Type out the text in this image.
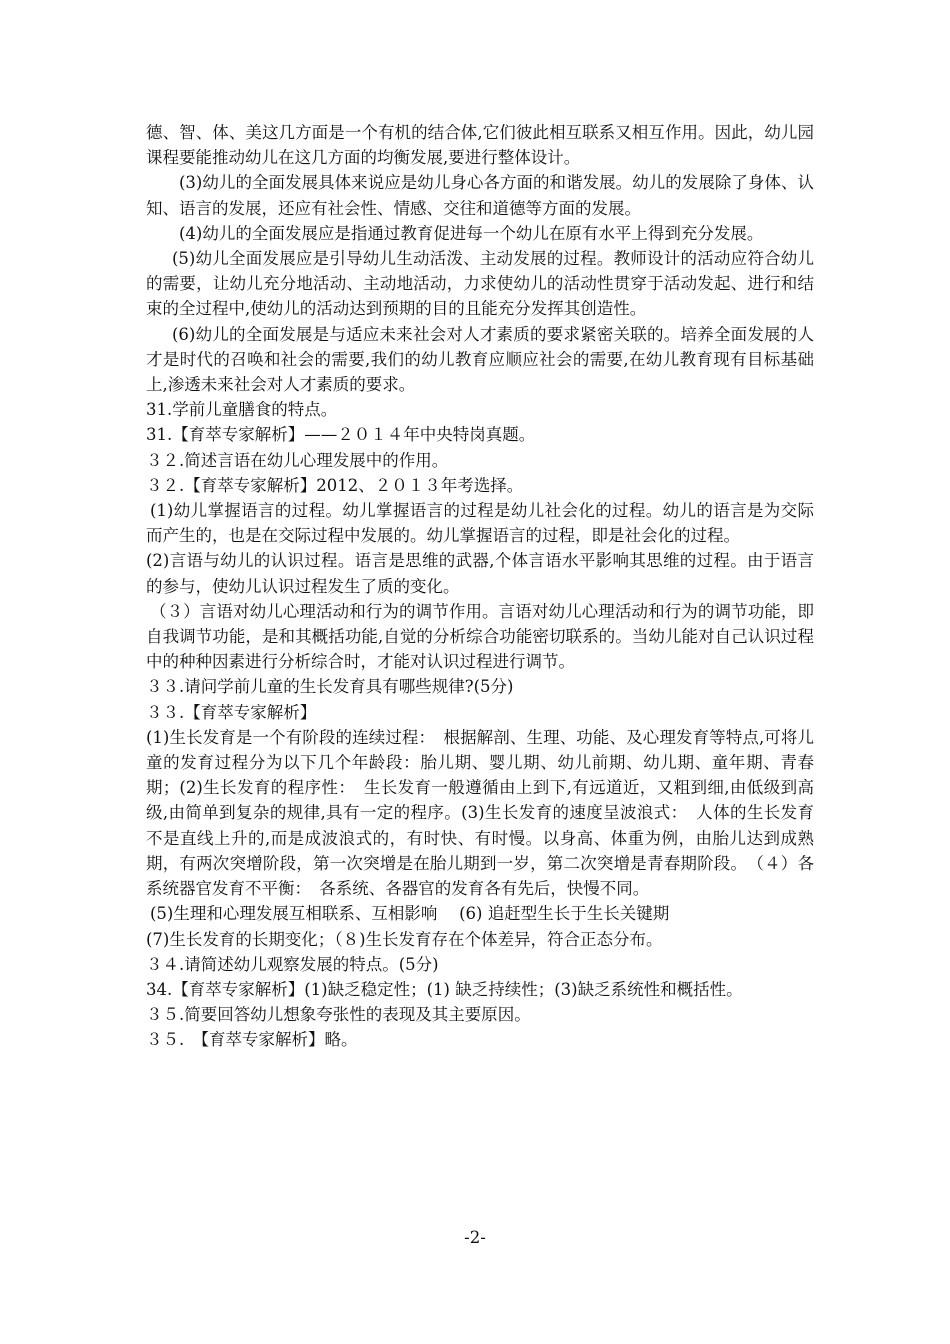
德、智、体、美这几方面是一个有机的结合体,它们彼此相互联系又相互作用。因此，幼儿园课程要能推动幼儿在这几方面的均衡发展,要进行整体设计。

(3)幼儿的全面发展具体来说应是幼儿身心各方面的和谐发展。幼儿的发展除了身体、认知、语言的发展，还应有社会性、情感、交往和道德等方面的发展。

(4)幼儿的全面发展应是指通过教育促进每一个幼儿在原有水平上得到充分发展。

(5)幼儿全面发展应是引导幼儿生动活泼、主动发展的过程。教师设计的活动应符合幼儿的需要，让幼儿充分地活动、主动地活动，力求使幼儿的活动性贯穿于活动发起、进行和结束的全过程中,使幼儿的活动达到预期的目的且能充分发挥其创造性。

(6)幼儿的全面发展是与适应未来社会对人才素质的要求紧密关联的。培养全面发展的人才是时代的召唤和社会的需要,我们的幼儿教育应顺应社会的需要,在幼儿教育现有目标基础上,渗透未来社会对人才素质的要求。

31.学前儿童膳食的特点。

31.【育萃专家解析】——２０１４年中央特岗真题。

３２.简述言语在幼儿心理发展中的作用。

３２.【育萃专家解析】2012、２０１３年考选择。

(1)幼儿掌握语言的过程。幼儿掌握语言的过程是幼儿社会化的过程。幼儿的语言是为交际而产生的，也是在交际过程中发展的。幼儿掌握语言的过程，即是社会化的过程。

(2)言语与幼儿的认识过程。语言是思维的武器,个体言语水平影响其思维的过程。由于语言的参与，使幼儿认识过程发生了质的变化。

（３）言语对幼儿心理活动和行为的调节作用。言语对幼儿心理活动和行为的调节功能，即自我调节功能，是和其概括功能,自觉的分析综合功能密切联系的。当幼儿能对自己认识过程中的种种因素进行分析综合时，才能对认识过程进行调节。

３３.请问学前儿童的生长发育具有哪些规律?(5分)

３３.【育萃专家解析】

(1)生长发育是一个有阶段的连续过程：　根据解剖、生理、功能、及心理发育等特点,可将儿童的发育过程分为以下几个年龄段：胎儿期、婴儿期、幼儿前期、幼儿期、童年期、青春期；(2)生长发育的程序性：　生长发育一般遵循由上到下,有远道近，又粗到细,由低级到高级,由简单到复杂的规律,具有一定的程序。(3)生长发育的速度呈波浪式：　人体的生长发育不是直线上升的,而是成波浪式的，有时快、有时慢。以身高、体重为例，由胎儿达到成熟期，有两次突增阶段，第一次突增是在胎儿期到一岁，第二次突增是青春期阶段。　（４）各系统器官发育不平衡：　各系统、各器官的发育各有先后，快慢不同。

(5)生理和心理发展互相联系、互相影响　 (6) 追赶型生长于生长关键期

(7)生长发育的长期变化；（８)生长发育存在个体差异，符合正态分布。

３４.请简述幼儿观察发展的特点。(5分)

34.【育萃专家解析】(1)缺乏稳定性；(1) 缺乏持续性；(3)缺乏系统性和概括性。

３５.简要回答幼儿想象夸张性的表现及其主要原因。

３５.　【育萃专家解析】略。

-2-
